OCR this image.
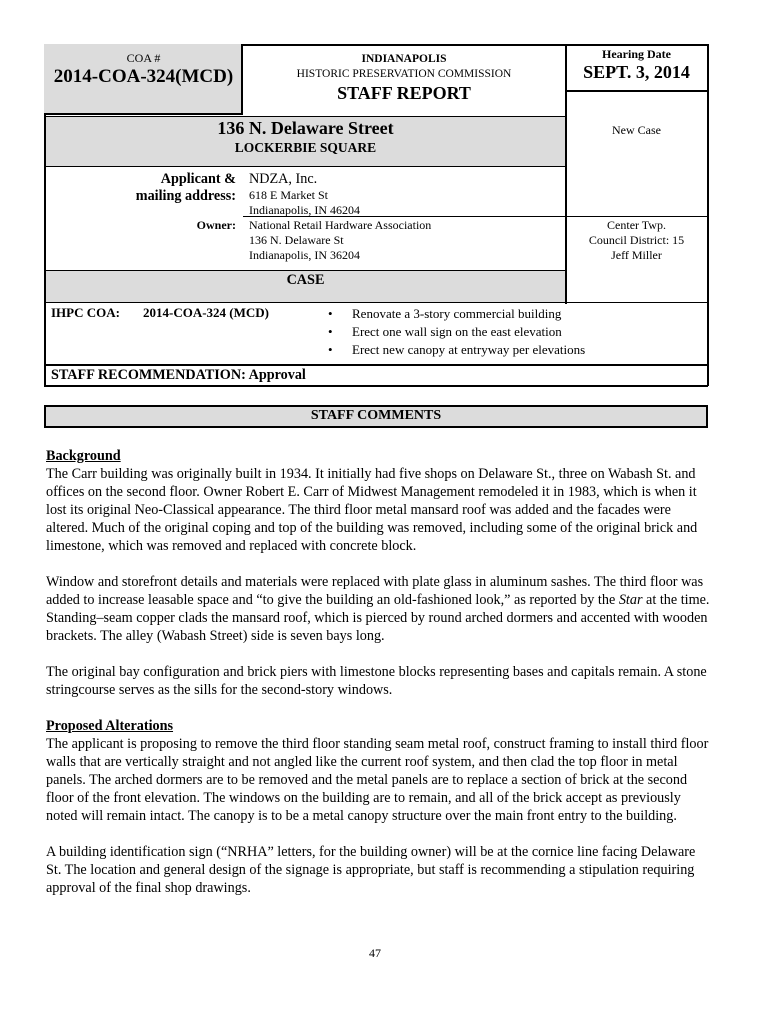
COA #
2014-COA-324(MCD)
INDIANAPOLIS
HISTORIC PRESERVATION COMMISSION
STAFF REPORT
Hearing Date
SEPT. 3, 2014
136 N. Delaware Street
LOCKERBIE SQUARE
New Case
Applicant &
mailing address:
NDZA, Inc.
618 E Market St
Indianapolis, IN 46204
Owner: National Retail Hardware Association
136 N. Delaware St
Indianapolis, IN 36204
Center Twp.
Council District: 15
Jeff Miller
CASE
IHPC COA: 2014-COA-324 (MCD)	• Renovate a 3-story commercial building
• Erect one wall sign on the east elevation
• Erect new canopy at entryway per elevations
STAFF RECOMMENDATION: Approval
STAFF COMMENTS

Background

The Carr building was originally built in 1934. It initially had five shops on Delaware St., three on Wabash St. and offices on the second floor. Owner Robert E. Carr of Midwest Management remodeled it in 1983, which is when it lost its original Neo-Classical appearance. The third floor metal mansard roof was added and the facades were altered. Much of the original coping and top of the building was removed, including some of the original brick and limestone, which was removed and replaced with concrete block.

Window and storefront details and materials were replaced with plate glass in aluminum sashes. The third floor was added to increase leasable space and “to give the building an old-fashioned look,” as reported by the Star at the time. Standing–seam copper clads the mansard roof, which is pierced by round arched dormers and accented with wooden brackets. The alley (Wabash Street) side is seven bays long.

The original bay configuration and brick piers with limestone blocks representing bases and capitals remain. A stone stringcourse serves as the sills for the second-story windows.

Proposed Alterations

The applicant is proposing to remove the third floor standing seam metal roof, construct framing to install third floor walls that are vertically straight and not angled like the current roof system, and then clad the top floor in metal panels. The arched dormers are to be removed and the metal panels are to replace a section of brick at the second floor of the front elevation. The windows on the building are to remain, and all of the brick accept as previously noted will remain intact. The canopy is to be a metal canopy structure over the main front entry to the building.

A building identification sign (“NRHA” letters, for the building owner) will be at the cornice line facing Delaware St. The location and general design of the signage is appropriate, but staff is recommending a stipulation requiring approval of the final shop drawings.

47
